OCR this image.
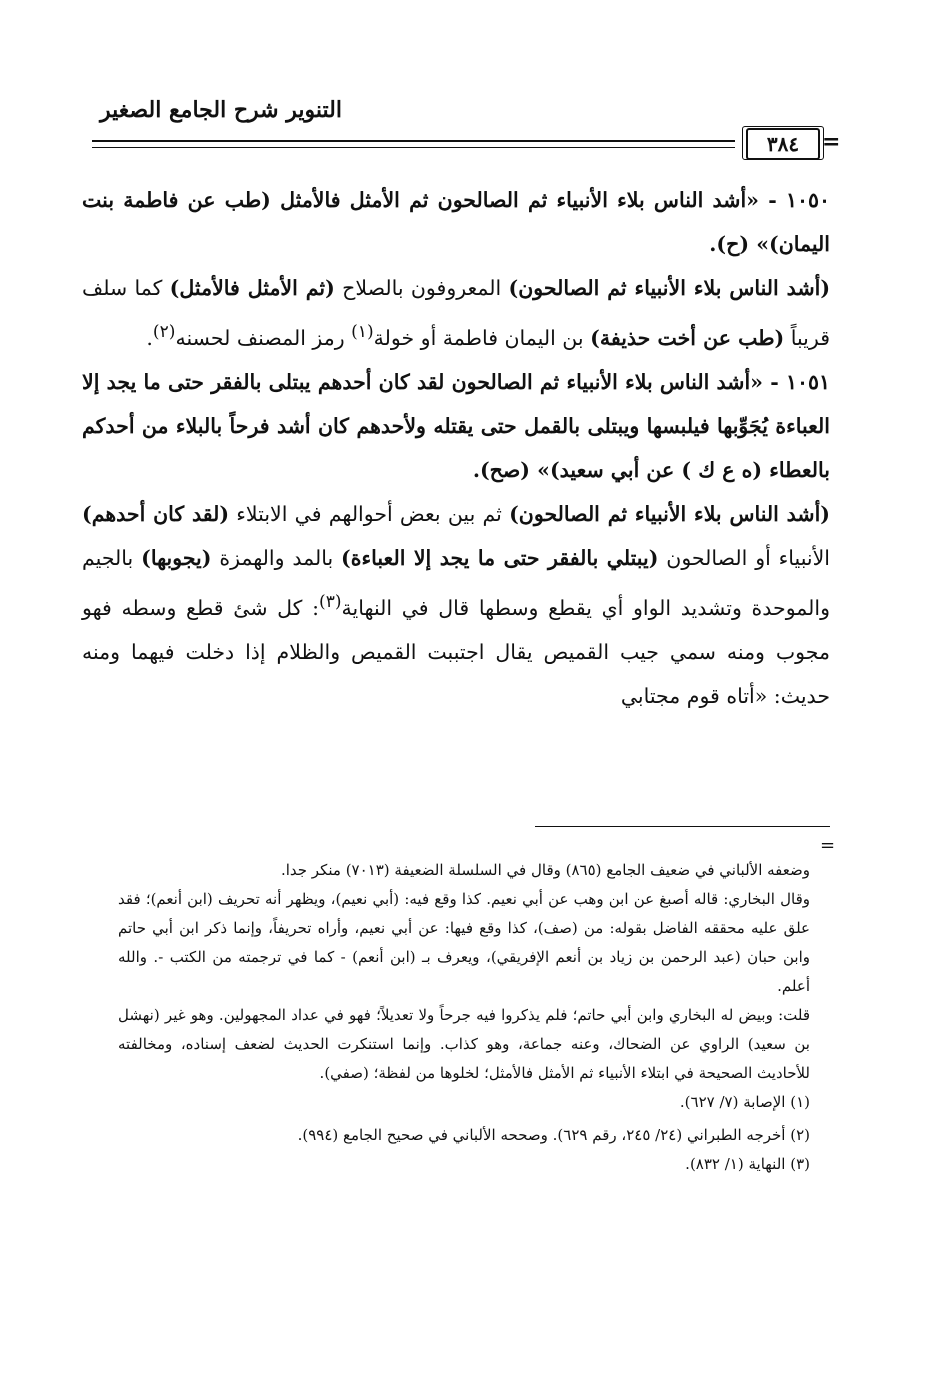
التنوير شرح الجامع الصغير
٣٨٤	=

١٠٥٠ - «أشد الناس بلاء الأنبياء ثم الصالحون ثم الأمثل فالأمثل (طب عن فاطمة بنت اليمان)» (ح).

(أشد الناس بلاء الأنبياء ثم الصالحون) المعروفون بالصلاح (ثم الأمثل فالأمثل) كما سلف قريباً (طب عن أخت حذيفة) بن اليمان فاطمة أو خولة$^{(١)}$ رمز المصنف لحسنه$^{(٢)}$.

١٠٥١ - «أشد الناس بلاء الأنبياء ثم الصالحون لقد كان أحدهم يبتلى بالفقر حتى ما يجد إلا العباءة يُجَوِّبها فيلبسها ويبتلى بالقمل حتى يقتله ولأحدهم كان أشد فرحاً بالبلاء من أحدكم بالعطاء (ه ع ك ) عن أبي سعيد)» (صح).

(أشد الناس بلاء الأنبياء ثم الصالحون) ثم بين بعض أحوالهم في الابتلاء (لقد كان أحدهم) الأنبياء أو الصالحون (يبتلي بالفقر حتى ما يجد إلا العباءة) بالمد والهمزة (يجوبها) بالجيم والموحدة وتشديد الواو أي يقطع وسطها قال في النهاية$^{(٣)}$: كل شئ قطع وسطه فهو مجوب ومنه سمي جيب القميص يقال اجتببت القميص والظلام إذا دخلت فيهما ومنه حديث: «أتاه قوم مجتابي

=

وضعفه الألباني في ضعيف الجامع (٨٦٥) وقال في السلسلة الضعيفة (٧٠١٣) منكر جدا.

وقال البخاري: قاله أصبغ عن ابن وهب عن أبي نعيم. كذا وقع فيه: (أبي نعيم)، ويظهر أنه تحريف (ابن أنعم)؛ فقد علق عليه محققه الفاضل بقوله: من (صف)، كذا وقع فيها: عن أبي نعيم، وأراه تحريفاً، وإنما ذكر ابن أبي حاتم وابن حبان (عبد الرحمن بن زياد بن أنعم الإفريقي)، ويعرف بـ (ابن أنعم) - كما في ترجمته من الكتب -. والله أعلم.

قلت: وبيض له البخاري وابن أبي حاتم؛ فلم يذكروا فيه جرحاً ولا تعديلاً؛ فهو في عداد المجهولين. وهو غير (نهشل بن سعيد) الراوي عن الضحاك، وعنه جماعة، وهو كذاب. وإنما استنكرت الحديث لضعف إسناده، ومخالفته للأحاديث الصحيحة في ابتلاء الأنبياء ثم الأمثل فالأمثل؛ لخلوها من لفظة؛ (صفي).

(١) الإصابة (٧/ ٦٢٧).

(٢) أخرجه الطبراني (٢٤/ ٢٤٥، رقم ٦٢٩). وصححه الألباني في صحيح الجامع (٩٩٤).

(٣) النهاية (١/ ٨٣٢).
